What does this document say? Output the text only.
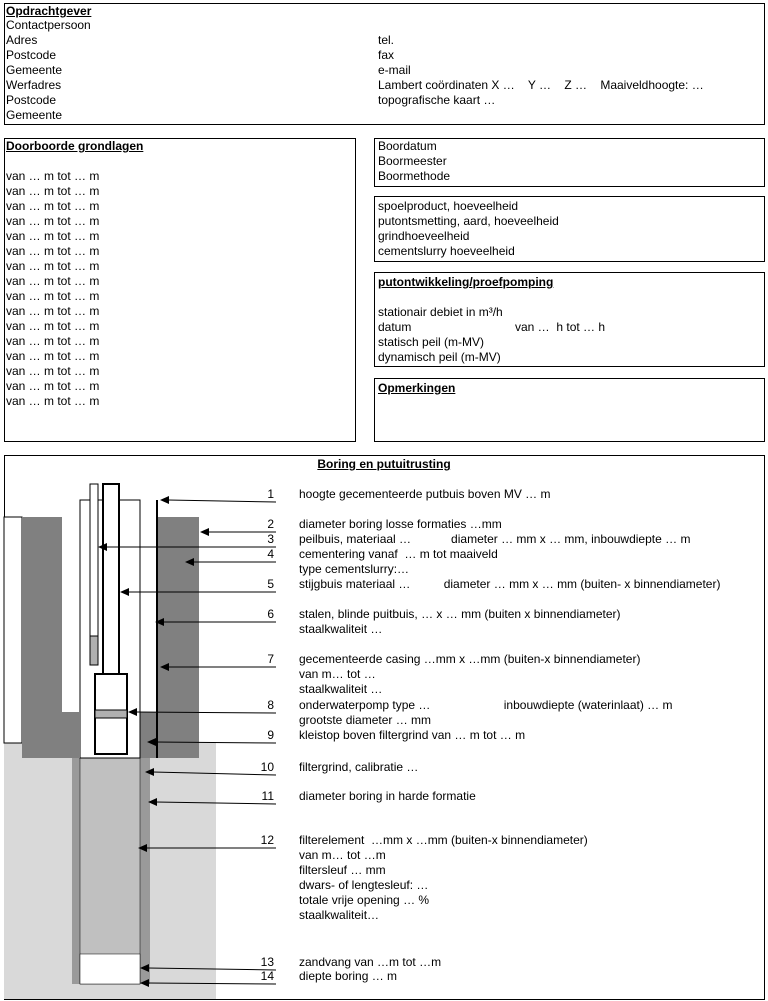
Opdrachtgever
Contactpersoon
Adres
Postcode
Gemeente
Werfadres
Postcode
Gemeente
tel.
fax
e-mail
Lambert coördinaten X …    Y …    Z …    Maaiveldhoogte: …
topografische kaart …
Doorboorde grondlagen
van … m tot … m
van … m tot … m
van … m tot … m
van … m tot … m
van … m tot … m
van … m tot … m
van … m tot … m
van … m tot … m
van … m tot … m
van … m tot … m
van … m tot … m
van … m tot … m
van … m tot … m
van … m tot … m
van … m tot … m
van … m tot … m
Boordatum
Boormeester
Boormethode
spoelproduct, hoeveelheid
putontsmetting, aard, hoeveelheid
grindhoeveelheid
cementslurry hoeveelheid
putontwikkeling/proefpomping
stationair debiet in m³/h
datum	van …  h tot … h
statisch peil (m-MV)
dynamisch peil (m-MV)
Opmerkingen
Boring en putuitrusting
1 hoogte gecementeerde putbuis boven MV … m
2 diameter boring losse formaties …mm
3 peilbuis, materiaal …            diameter … mm x … mm, inbouwdiepte … m
4 cementering vanaf  … m tot maaiveld
type cementslurry:…
5 stijgbuis materiaal …          diameter … mm x … mm (buiten- x binnendiameter)
6 stalen, blinde puitbuis, … x … mm (buiten x binnendiameter)
staalkwaliteit …
7 gecementeerde casing …mm x …mm (buiten-x binnendiameter)
van m… tot …
staalkwaliteit …
8 onderwaterpomp type …                      inbouwdiepte (waterinlaat) … m
grootste diameter … mm
9 kleistop boven filtergrind van … m tot … m
10 filtergrind, calibratie …
11 diameter boring in harde formatie
12 filterelement  …mm x …mm (buiten-x binnendiameter)
van m… tot …m
filtersleuf … mm
dwars- of lengtesleuf: …
totale vrije opening … %
staalkwaliteit…
13 zandvang van …m tot …m
14 diepte boring … m
